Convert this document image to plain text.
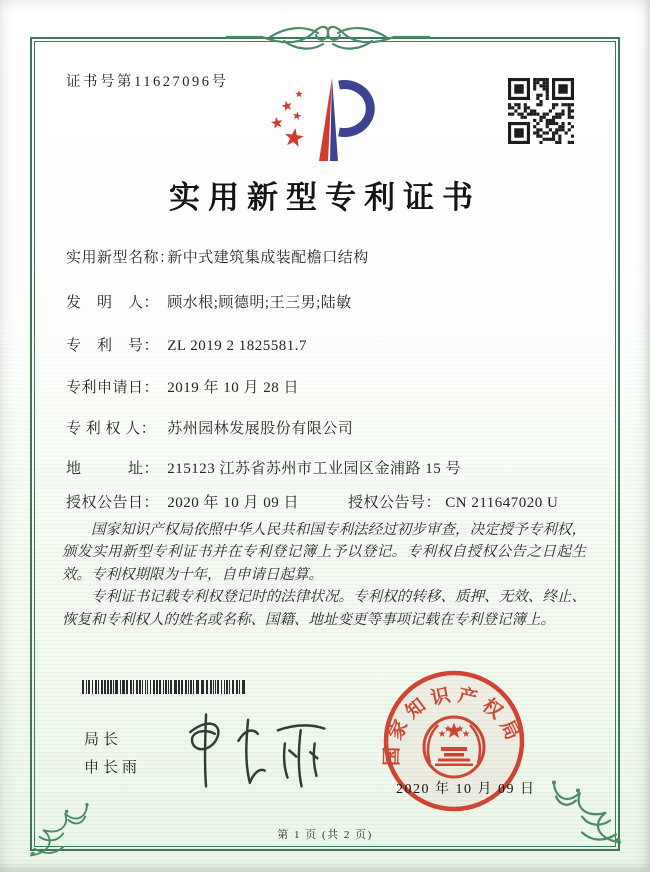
证书号第11627096号
实用新型专利证书
实用新型名称： 新中式建筑集成装配檐口结构
发　明　人： 顾水根;顾德明;王三男;陆敏
专　利　号： ZL 2019 2 1825581.7
专利申请日： 2019 年 10 月 28 日
专 利 权 人： 苏州园林发展股份有限公司
地　　　址： 215123 江苏省苏州市工业园区金浦路 15 号
授权公告日： 2020 年 10 月 09 日	授权公告号： CN 211647020 U

国家知识产权局依照中华人民共和国专利法经过初步审查，决定授予专利权，颁发实用新型专利证书并在专利登记簿上予以登记。专利权自授权公告之日起生效。专利权期限为十年，自申请日起算。

专利证书记载专利权登记时的法律状况。专利权的转移、质押、无效、终止、恢复和专利权人的姓名或名称、国籍、地址变更等事项记载在专利登记簿上。

局长
申长雨
国家知识产权局
2020 年 10 月 09 日
第 1 页 (共 2 页)
